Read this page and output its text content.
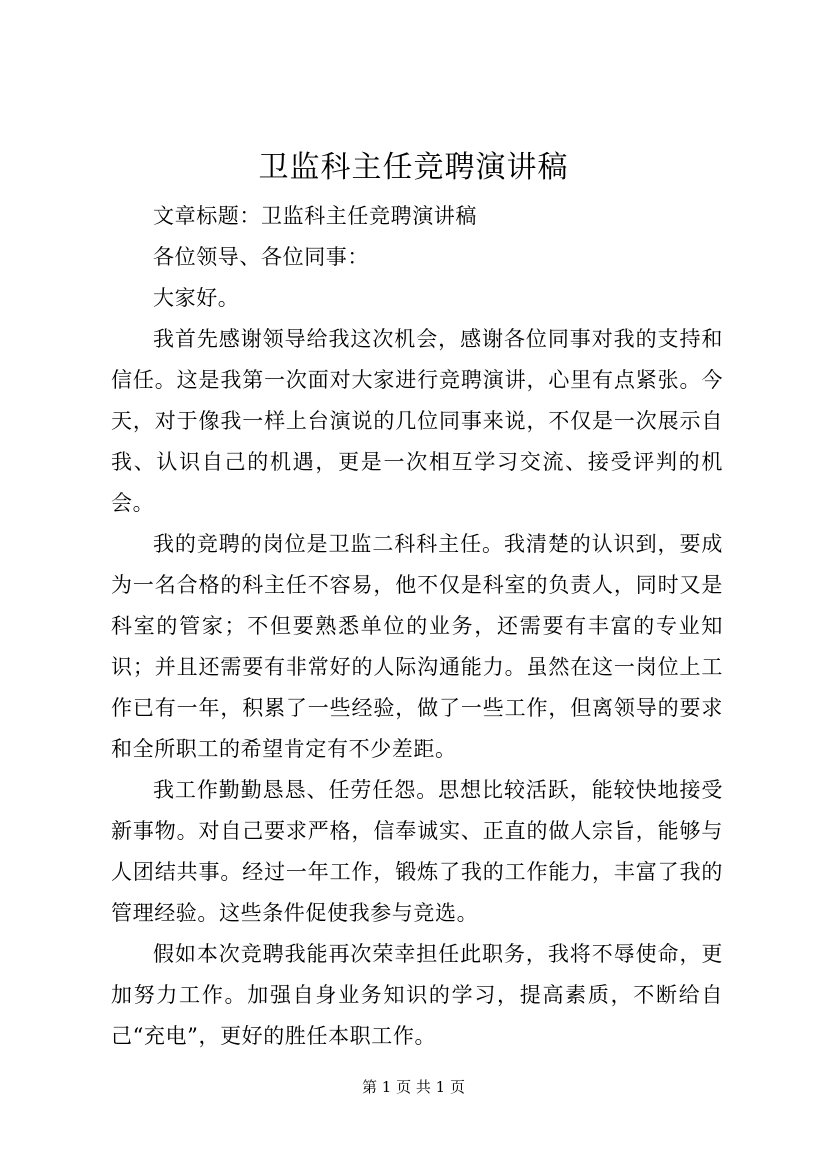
卫监科主任竞聘演讲稿

文章标题：卫监科主任竞聘演讲稿

各位领导、各位同事：

大家好。

我首先感谢领导给我这次机会，感谢各位同事对我的支持和信任。这是我第一次面对大家进行竞聘演讲，心里有点紧张。今天，对于像我一样上台演说的几位同事来说，不仅是一次展示自我、认识自己的机遇，更是一次相互学习交流、接受评判的机会。

我的竞聘的岗位是卫监二科科主任。我清楚的认识到，要成为一名合格的科主任不容易，他不仅是科室的负责人，同时又是科室的管家；不但要熟悉单位的业务，还需要有丰富的专业知识；并且还需要有非常好的人际沟通能力。虽然在这一岗位上工作已有一年，积累了一些经验，做了一些工作，但离领导的要求和全所职工的希望肯定有不少差距。

我工作勤勤恳恳、任劳任怨。思想比较活跃，能较快地接受新事物。对自己要求严格，信奉诚实、正直的做人宗旨，能够与人团结共事。经过一年工作，锻炼了我的工作能力，丰富了我的管理经验。这些条件促使我参与竞选。

假如本次竞聘我能再次荣幸担任此职务，我将不辱使命，更加努力工作。加强自身业务知识的学习，提高素质，不断给自己“充电”，更好的胜任本职工作。

第 1 页 共 1 页
